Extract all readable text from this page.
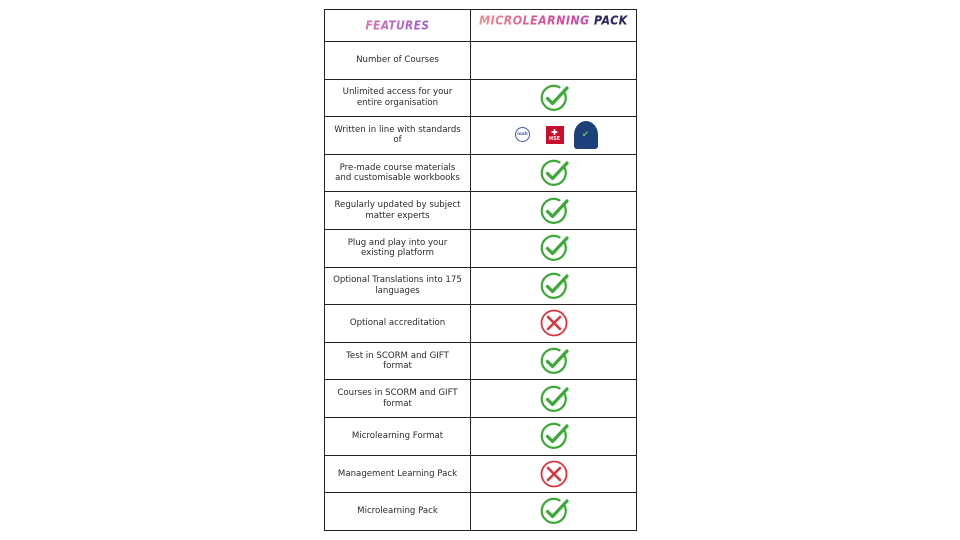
FEATURES	MICROLEARNING PACK
Number of Courses
Unlimited access for your entire organisation
Written in line with standards of
iosh	✚
HSE ✔
Pre-made course materials and customisable workbooks
Regularly updated by subject matter experts
Plug and play into your existing platform
Optional Translations into 175 languages
Optional accreditation
Test in SCORM and GIFT format
Courses in SCORM and GIFT format
Microlearning Format
Management Learning Pack
Microlearning Pack
